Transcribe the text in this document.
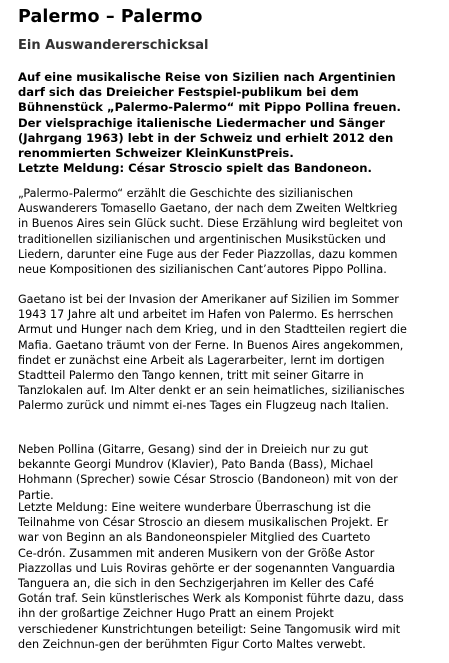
Palermo – Palermo
Ein Auswandererschicksal
Auf eine musikalische Reise von Sizilien nach Argentinien
darf sich das Dreieicher Festspiel-publikum bei dem
Bühnenstück „Palermo-Palermo“ mit Pippo Pollina freuen.
Der vielsprachige italienische Liedermacher und Sänger
(Jahrgang 1963) lebt in der Schweiz und erhielt 2012 den
renommierten Schweizer KleinKunstPreis.
Letzte Meldung: César Stroscio spielt das Bandoneon.
„Palermo-Palermo“ erzählt die Geschichte des sizilianischen
Auswanderers Tomasello Gaetano, der nach dem Zweiten Weltkrieg
in Buenos Aires sein Glück sucht. Diese Erzählung wird begleitet von
traditionellen sizilianischen und argentinischen Musikstücken und
Liedern, darunter eine Fuge aus der Feder Piazzollas, dazu kommen
neue Kompositionen des sizilianischen Cant’autores Pippo Pollina.
Gaetano ist bei der Invasion der Amerikaner auf Sizilien im Sommer
1943 17 Jahre alt und arbeitet im Hafen von Palermo. Es herrschen
Armut und Hunger nach dem Krieg, und in den Stadtteilen regiert die
Mafia. Gaetano träumt von der Ferne. In Buenos Aires angekommen,
findet er zunächst eine Arbeit als Lagerarbeiter, lernt im dortigen
Stadtteil Palermo den Tango kennen, tritt mit seiner Gitarre in
Tanzlokalen auf. Im Alter denkt er an sein heimatliches, sizilianisches
Palermo zurück und nimmt ei-nes Tages ein Flugzeug nach Italien.
Neben Pollina (Gitarre, Gesang) sind der in Dreieich nur zu gut
bekannte Georgi Mundrov (Klavier), Pato Banda (Bass), Michael
Hohmann (Sprecher) sowie César Stroscio (Bandoneon) mit von der
Partie.
Letzte Meldung: Eine weitere wunderbare Überraschung ist die
Teilnahme von César Stroscio an diesem musikalischen Projekt. Er
war von Beginn an als Bandoneonspieler Mitglied des Cuarteto
Ce-drón. Zusammen mit anderen Musikern von der Größe Astor
Piazzollas und Luis Roviras gehörte er der sogenannten Vanguardia
Tanguera an, die sich in den Sechzigerjahren im Keller des Café
Gotán traf. Sein künstlerisches Werk als Komponist führte dazu, dass
ihn der großartige Zeichner Hugo Pratt an einem Projekt
verschiedener Kunstrichtungen beteiligt: Seine Tangomusik wird mit
den Zeichnun-gen der berühmten Figur Corto Maltes verwebt.
